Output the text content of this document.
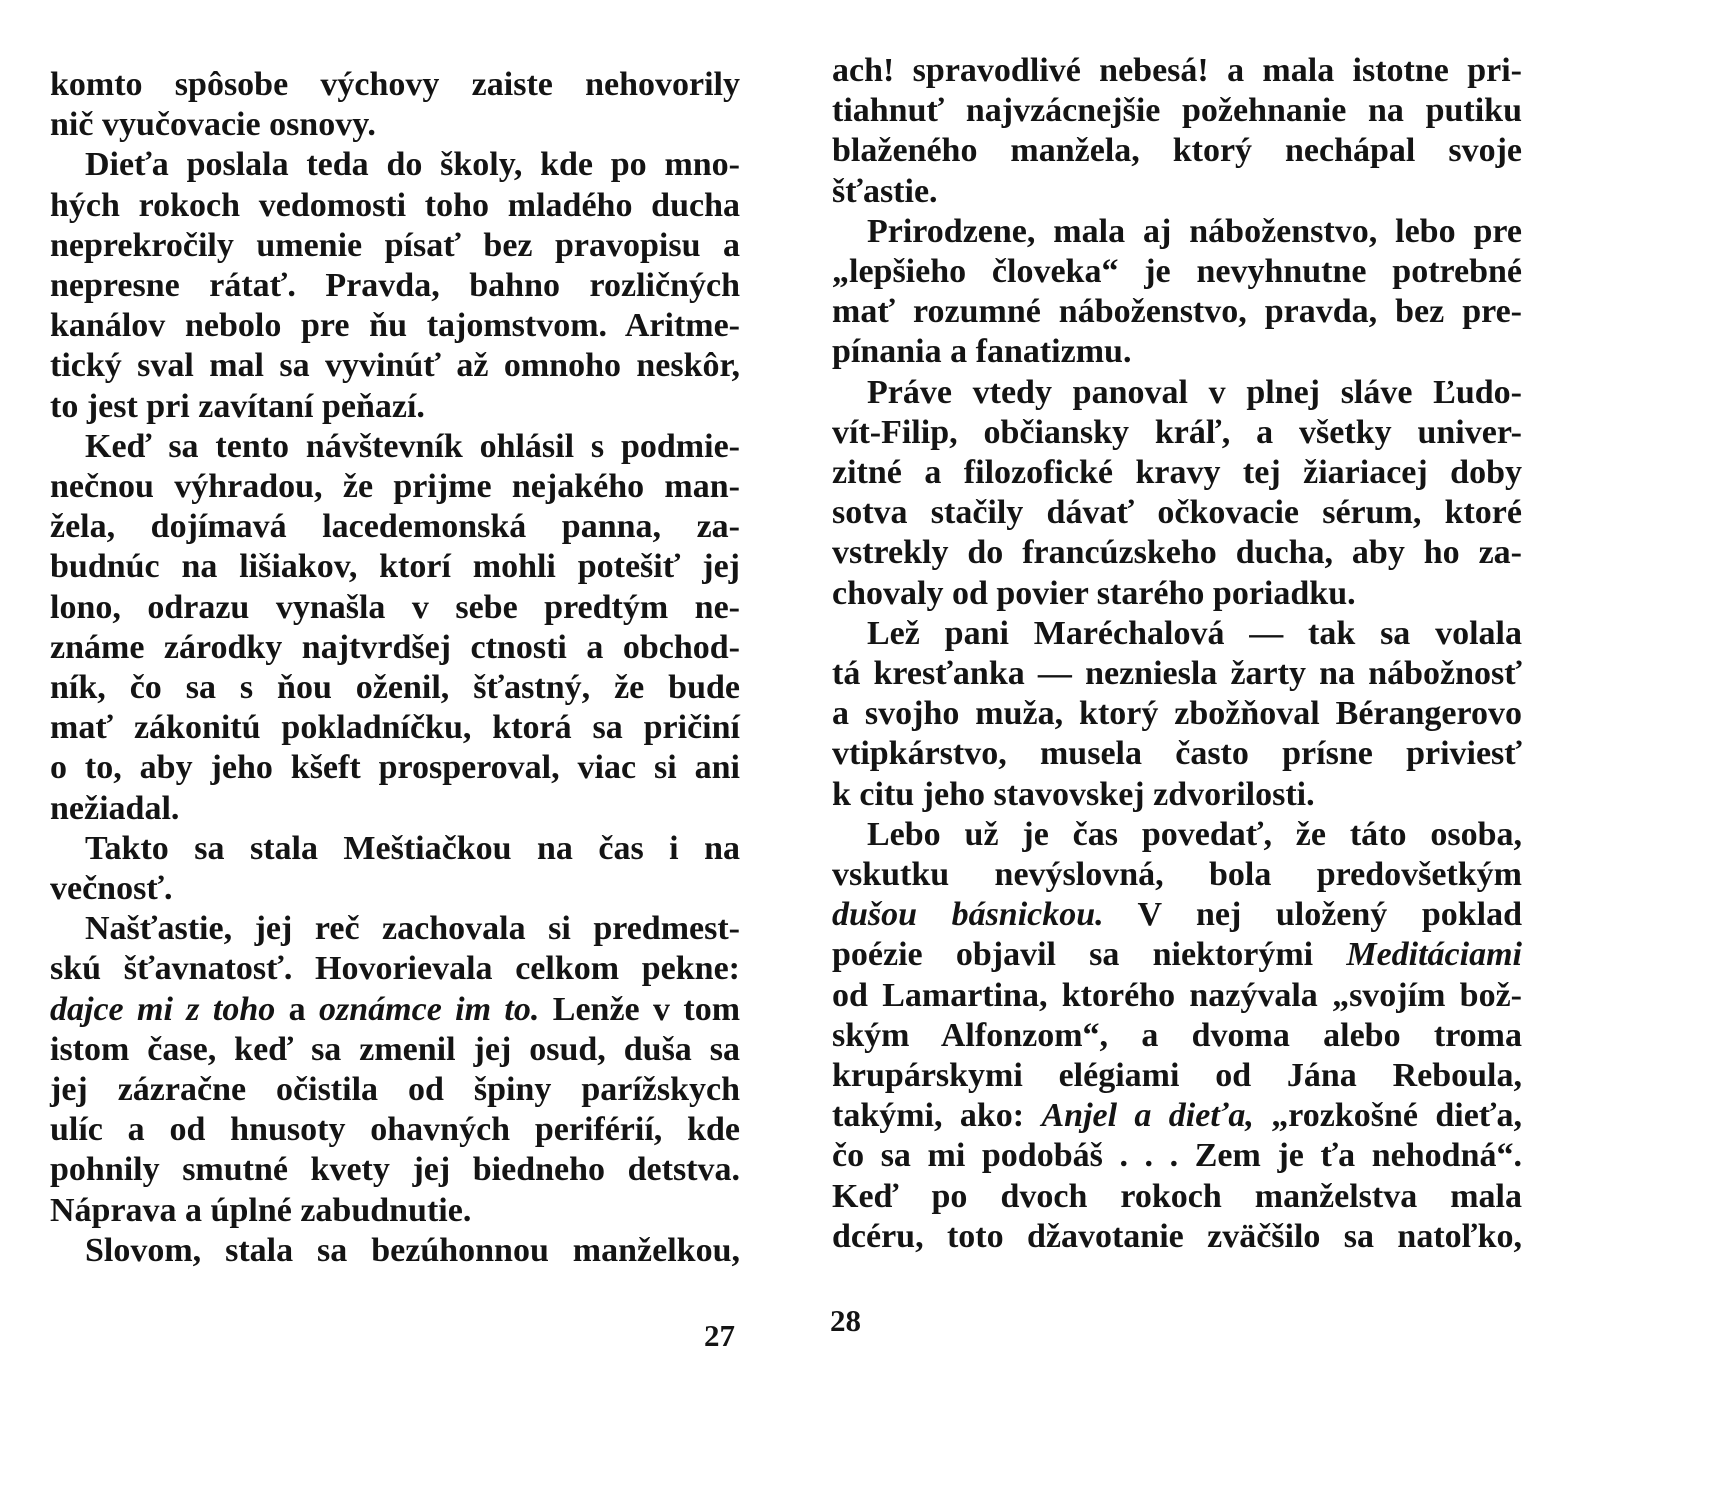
komto spôsobe výchovy zaiste nehovorily
nič vyučovacie osnovy.
Dieťa poslala teda do školy, kde po mno-
hých rokoch vedomosti toho mladého ducha
neprekročily umenie písať bez pravopisu a
nepresne rátať. Pravda, bahno rozličných
kanálov nebolo pre ňu tajomstvom. Aritme-
tický sval mal sa vyvinúť až omnoho neskôr,
to jest pri zavítaní peňazí.
Keď sa tento návštevník ohlásil s podmie-
nečnou výhradou, že prijme nejakého man-
žela, dojímavá lacedemonská panna, za-
budnúc na lišiakov, ktorí mohli potešiť jej
lono, odrazu vynašla v sebe predtým ne-
známe zárodky najtvrdšej ctnosti a obchod-
ník, čo sa s ňou oženil, šťastný, že bude
mať zákonitú pokladníčku, ktorá sa pričiní
o to, aby jeho kšeft prosperoval, viac si ani
nežiadal.
Takto sa stala Meštiačkou na čas i na
večnosť.
Našťastie, jej reč zachovala si predmest-
skú šťavnatosť. Hovorievala celkom pekne:
dajce mi z toho a oznámce im to. Lenže v tom
istom čase, keď sa zmenil jej osud, duša sa
jej zázračne očistila od špiny parížskych
ulíc a od hnusoty ohavných periférií, kde
pohnily smutné kvety jej biedneho detstva.
Náprava a úplné zabudnutie.
Slovom, stala sa bezúhonnou manželkou,
27
ach! spravodlivé nebesá! a mala istotne pri-
tiahnuť najvzácnejšie požehnanie na putiku
blaženého manžela, ktorý nechápal svoje
šťastie.
Prirodzene, mala aj náboženstvo, lebo pre
„lepšieho človeka“ je nevyhnutne potrebné
mať rozumné náboženstvo, pravda, bez pre-
pínania a fanatizmu.
Práve vtedy panoval v plnej sláve Ľudo-
vít-Filip, občiansky kráľ, a všetky univer-
zitné a filozofické kravy tej žiariacej doby
sotva stačily dávať očkovacie sérum, ktoré
vstrekly do francúzskeho ducha, aby ho za-
chovaly od povier starého poriadku.
Lež pani Maréchalová — tak sa volala
tá kresťanka — nezniesla žarty na nábožnosť
a svojho muža, ktorý zbožňoval Bérangerovo
vtipkárstvo, musela často prísne priviesť
k citu jeho stavovskej zdvorilosti.
Lebo už je čas povedať, že táto osoba,
vskutku nevýslovná, bola predovšetkým
dušou básnickou. V nej uložený poklad
poézie objavil sa niektorými Meditáciami
od Lamartina, ktorého nazývala „svojím bož-
ským Alfonzom“, a dvoma alebo troma
krupárskymi elégiami od Jána Reboula,
takými, ako: Anjel a dieťa, „rozkošné dieťa,
čo sa mi podobáš . . . Zem je ťa nehodná“.
Keď po dvoch rokoch manželstva mala
dcéru, toto džavotanie zväčšilo sa natoľko,
28
